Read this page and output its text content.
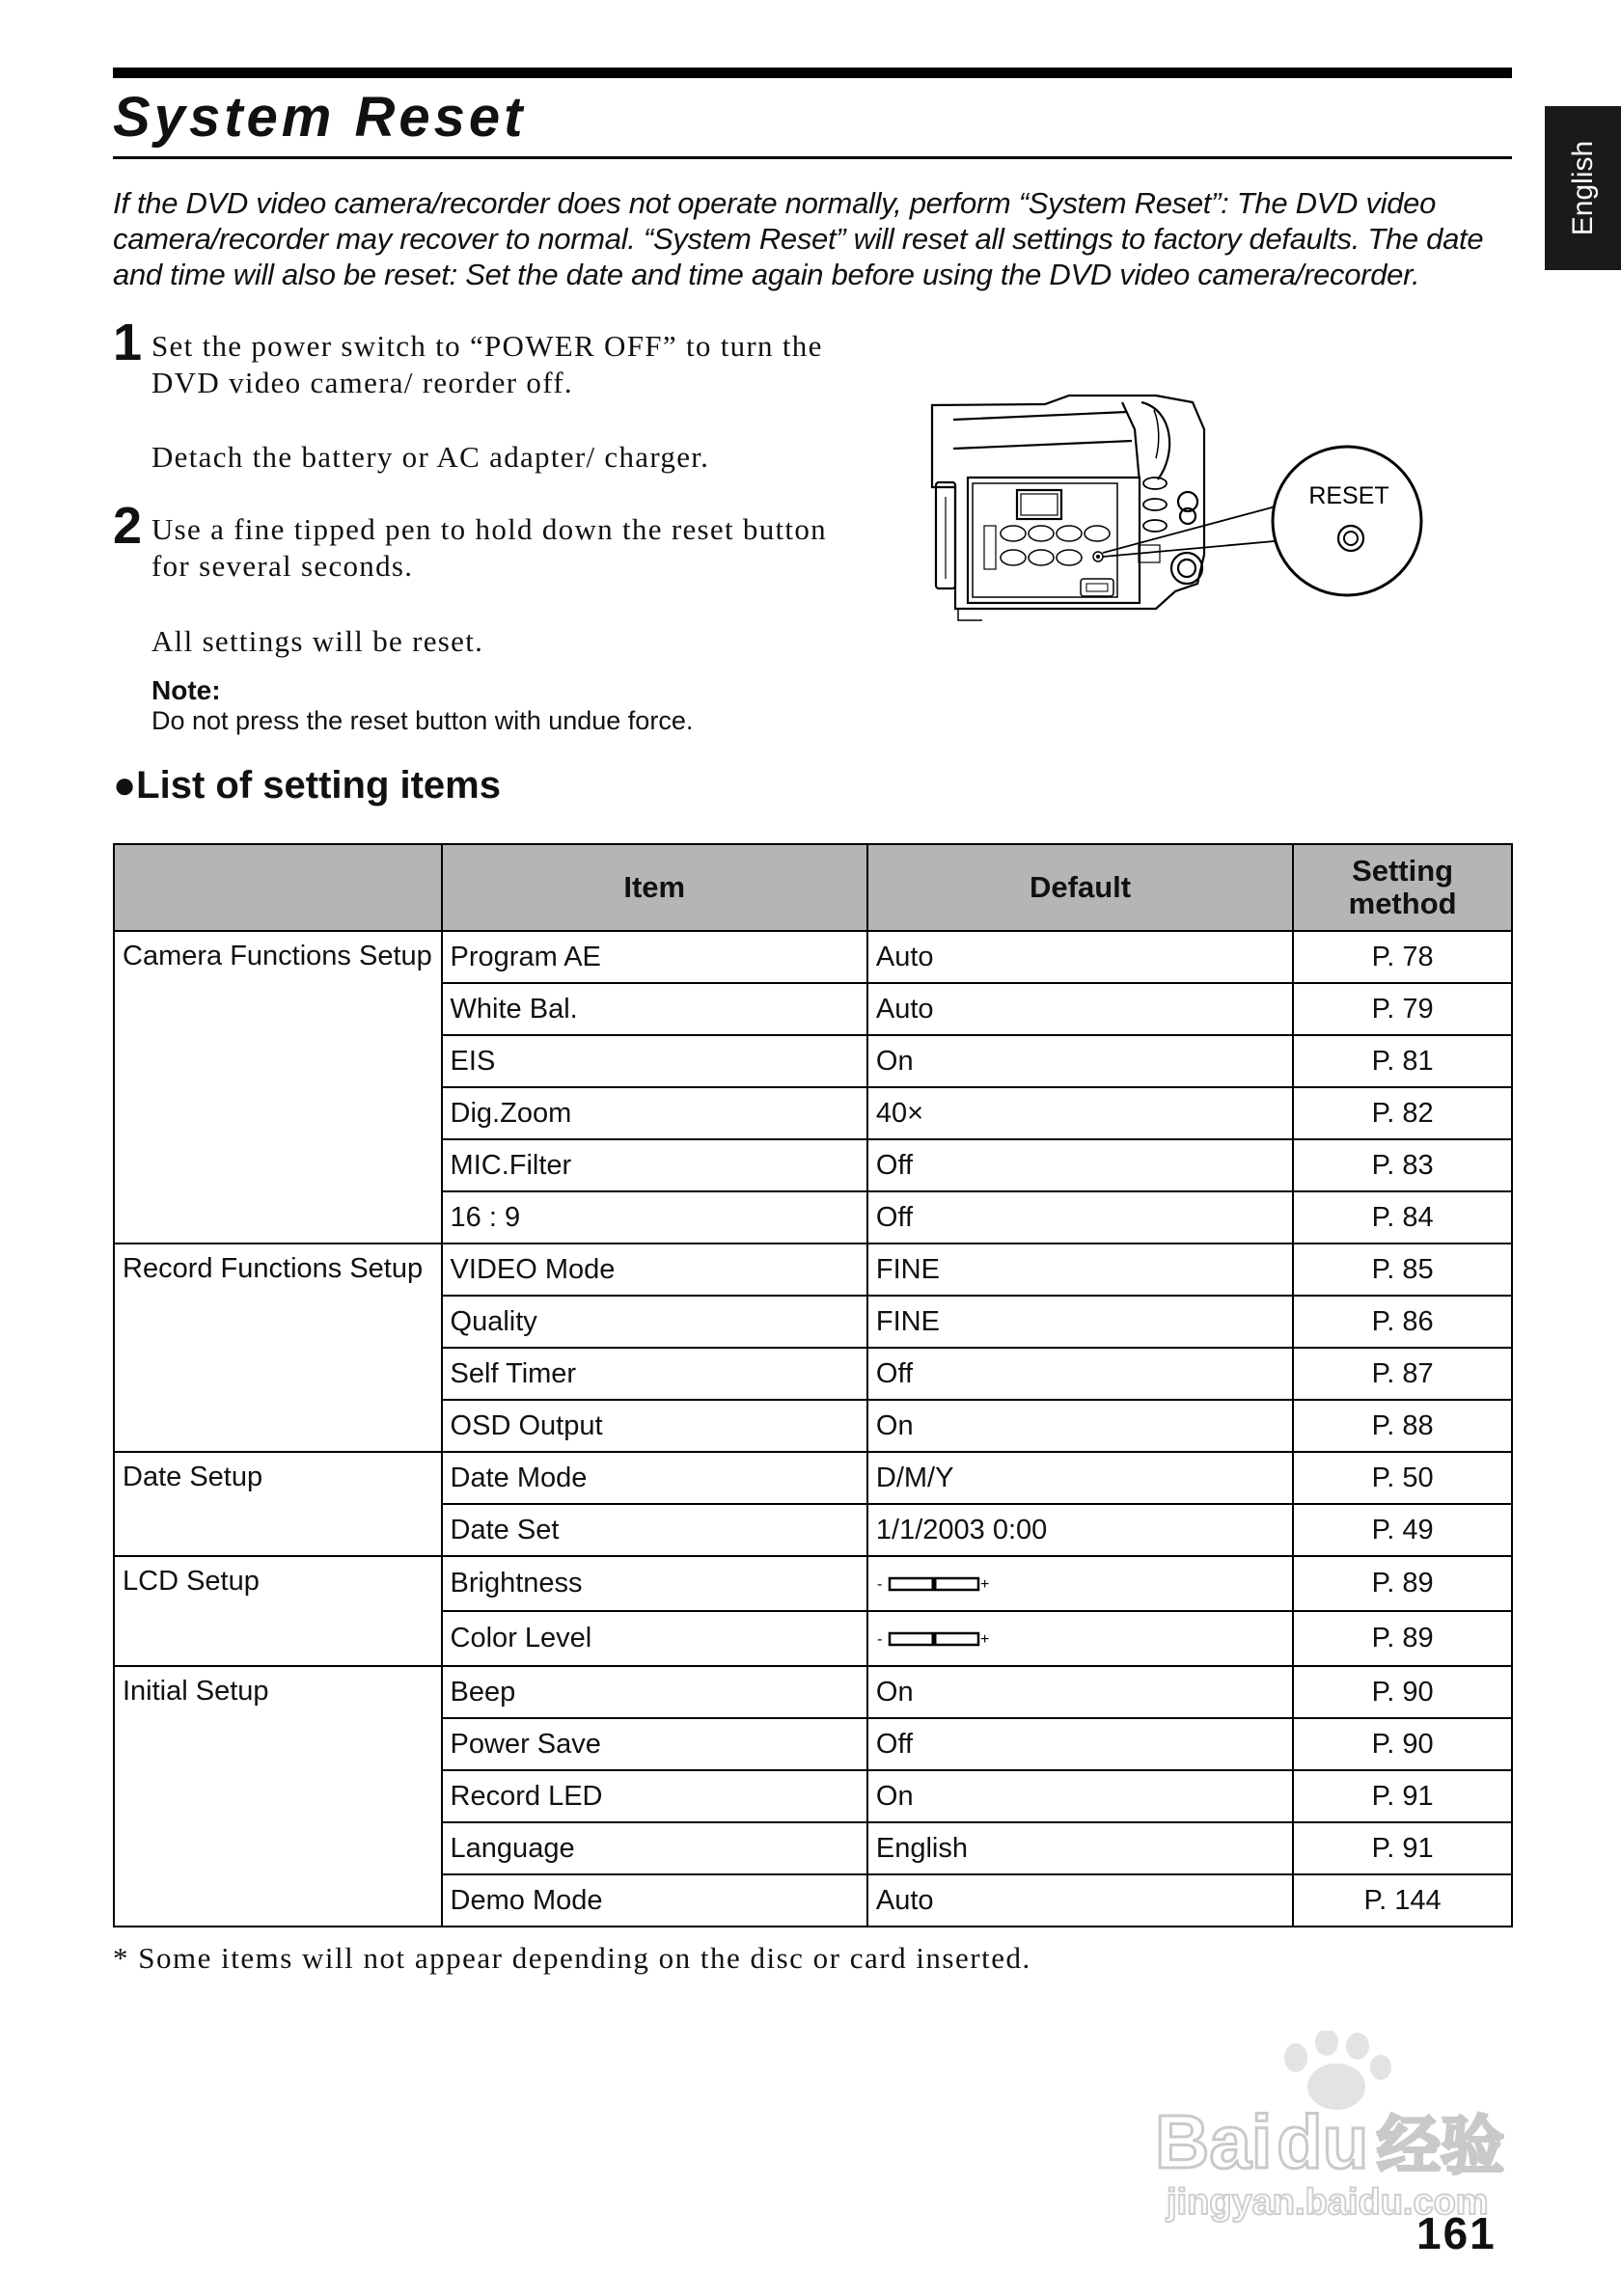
System Reset
English

If the DVD video camera/recorder does not operate normally, perform “System Reset”: The DVD video camera/recorder may recover to normal. “System Reset” will reset all settings to factory defaults. The date and time will also be reset: Set the date and time again before using the DVD video camera/recorder.

1 Set the power switch to “POWER OFF” to turn the DVD video camera/ reorder off.

Detach the battery or AC adapter/ charger.

2 Use a fine tipped pen to hold down the reset button for several seconds.

All settings will be reset.

Note:
Do not press the reset button with undue force.
RESET
●List of setting items
	Item	Default	Setting
method
Camera Functions Setup	Program AE	Auto	P. 78
	White Bal.	Auto	P. 79
	EIS	On	P. 81
	Dig.Zoom	40×	P. 82
	MIC.Filter	Off	P. 83
	16 : 9	Off	P. 84
Record Functions Setup	VIDEO Mode	FINE	P. 85
	Quality	FINE	P. 86
	Self Timer	Off	P. 87
	OSD Output	On	P. 88
Date Setup	Date Mode	D/M/Y	P. 50
	Date Set	1/1/2003 0:00	P. 49
LCD Setup	Brightness	- +	P. 89
	Color Level	- +	P. 89
Initial Setup	Beep	On	P. 90
	Power Save	Off	P. 90
	Record LED	On	P. 91
	Language	English	P. 91
	Demo Mode	Auto	P. 144

* Some items will not appear depending on the disc or card inserted.

Bai du 经验
jingyan.baidu.com
161
